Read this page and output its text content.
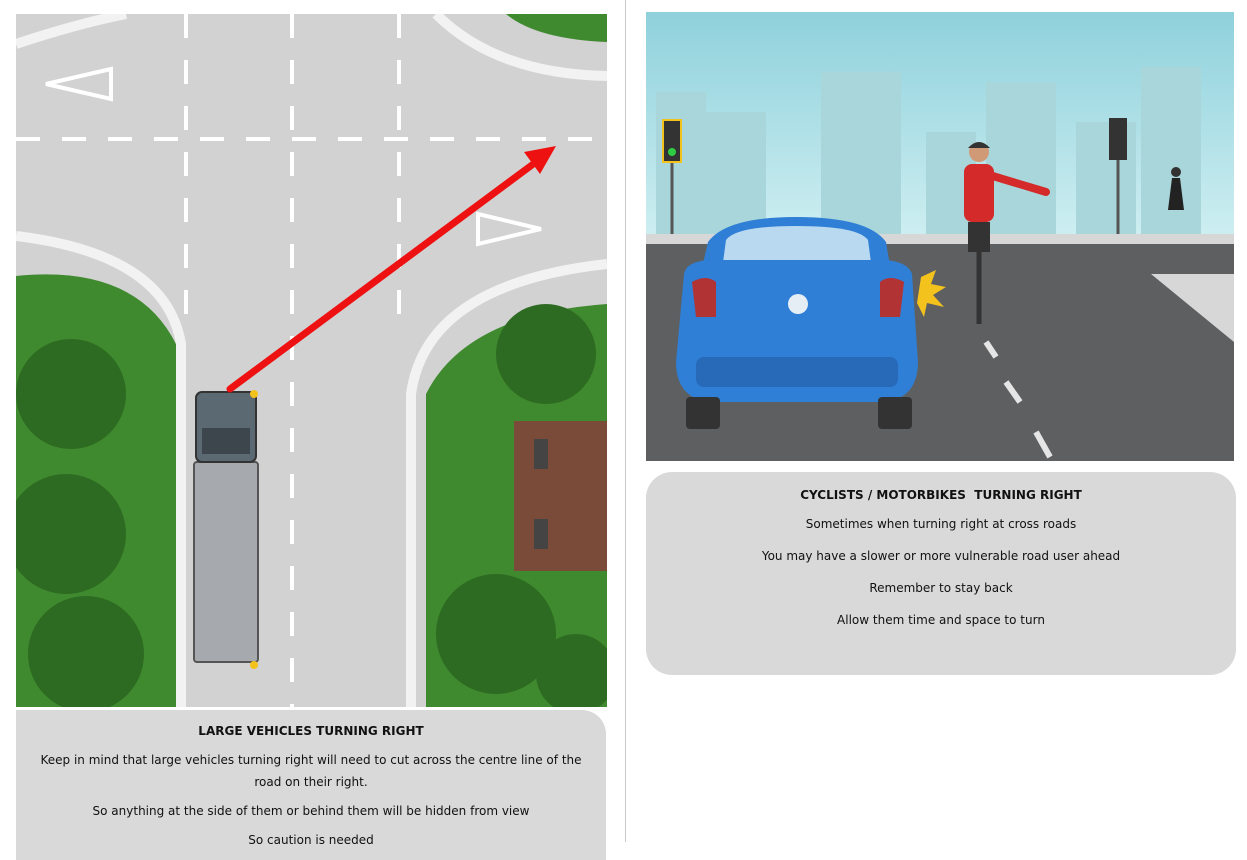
LARGE VEHICLES TURNING RIGHT

Keep in mind that large vehicles turning right will need to cut across the centre line of the road on their right.

So anything at the side of them or behind them will be hidden from view

So caution is needed

CYCLISTS / MOTORBIKES  TURNING RIGHT

Sometimes when turning right at cross roads

You may have a slower or more vulnerable road user ahead

Remember to stay back

Allow them time and space to turn
